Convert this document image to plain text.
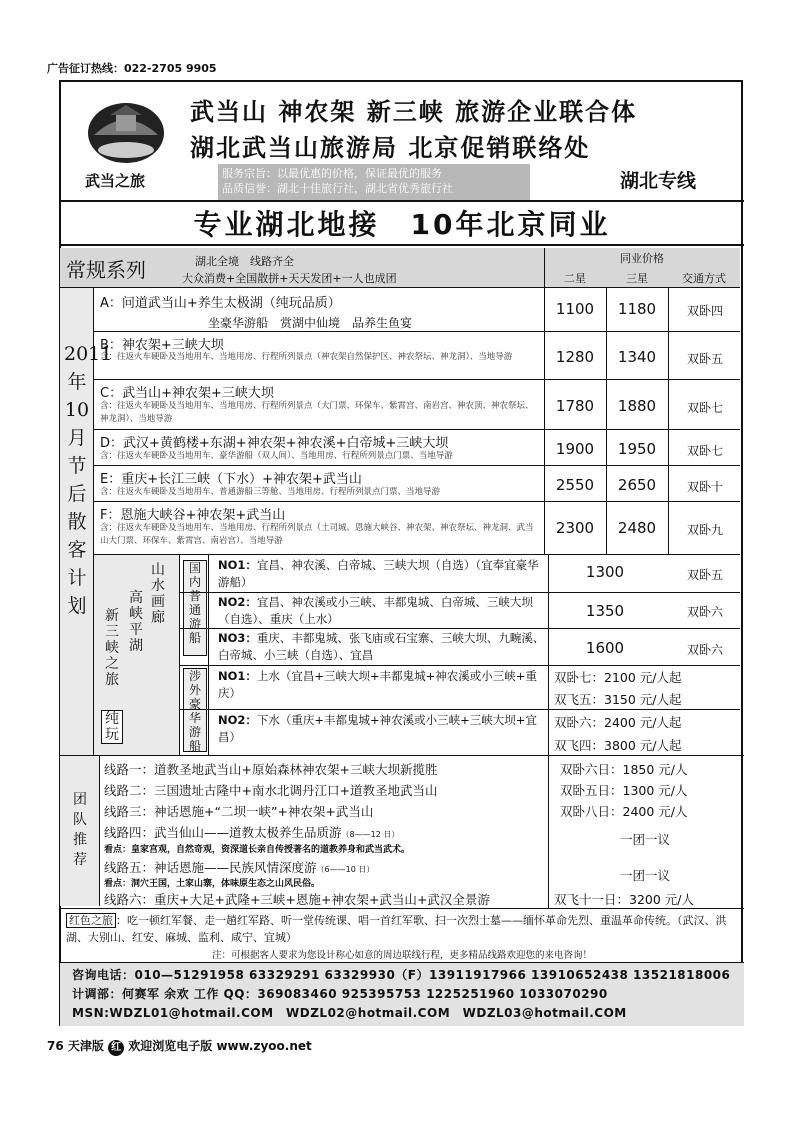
广告征订热线：022-2705 9905
武当之旅
武当山 神农架 新三峡 旅游企业联合体
湖北武当山旅游局 北京促销联络处
服务宗旨：以最优惠的价格，保证最优的服务
品质信誉：湖北十佳旅行社，湖北省优秀旅行社	湖北专线
专业湖北地接　10年北京同业
常规系列	湖北全境　线路齐全
大众消费+全国散拼+天天发团+一人也成团
同业价格
二星	三星	交通方式
2011年10月节后散客计划
A：问道武当山+养生太极湖（纯玩品质）
坐豪华游船　赏湖中仙境　品养生鱼宴
1100	1180	双卧四
B：神农架+三峡大坝
含：往返火车硬卧及当地用车、当地用房、行程所列景点（神农架自然保护区、神农祭坛、神龙洞）、当地导游	1280	1340	双卧五
C：武当山+神农架+三峡大坝
含：往返火车硬卧及当地用车、当地用房、行程所列景点（大门票、环保车、紫霄宫、南岩宫、神农顶、神农祭坛、神龙洞）、当地导游
1780	1880	双卧七
D：武汉+黄鹤楼+东湖+神农架+神农溪+白帝城+三峡大坝
含：往返火车硬卧及当地用车、豪华游船（双人间）、当地用房、行程所列景点门票、当地导游	1900	1950	双卧七
E：重庆+长江三峡（下水）+神农架+武当山
含：往返火车硬卧及当地用车、普通游船三等舱、当地用房、行程所列景点门票、当地导游	2550	2650	双卧十
F：恩施大峡谷+神农架+武当山
含：往返火车硬卧及当地用车、当地用房、行程所列景点（土司城、恩施大峡谷、神农架、神农祭坛、神龙洞、武当山大门票、环保车、紫霄宫、南岩宫）、当地导游
2300	2480	双卧九
山水画廊
高峡平湖
新三峡之旅
纯玩
国内普通游船
涉外豪华游船
NO1：宜昌、神农溪、白帝城、三峡大坝（自选）（宜奉宜豪华游船）
1300	双卧五
NO2：宜昌、神农溪或小三峡、丰都鬼城、白帝城、三峡大坝（自选）、重庆（上水）	1350	双卧六
NO3：重庆、丰都鬼城、张飞庙或石宝寨、三峡大坝、九畹溪、白帝城、小三峡（自选）、宜昌	1600	双卧六
NO1：上水（宜昌+三峡大坝+丰都鬼城+神农溪或小三峡+重庆）
双卧七：2100 元/人起
双飞五：3150 元/人起
NO2：下水（重庆+丰都鬼城+神农溪或小三峡+三峡大坝+宜昌）
双卧六：2400 元/人起
双飞四：3800 元/人起
团队推荐
线路一：道教圣地武当山+原始森林神农架+三峡大坝新揽胜	双卧六日：1850 元/人
线路二：三国遗址古隆中+南水北调丹江口+道教圣地武当山	双卧五日：1300 元/人
线路三：神话恩施+“二坝一峡”+神农架+武当山	双卧八日：2400 元/人
线路四：武当仙山——道教太极养生品质游（8——12 日）
看点：皇家宫观，自然奇观，资深道长亲自传授著名的道教养身和武当武术。
一团一议
线路五：神话恩施——民族风情深度游（6——10 日）
看点：洞穴王国，土家山寨，体味原生态之山风民俗。
一团一议
线路六：重庆+大足+武隆+三峡+恩施+神农架+武当山+武汉全景游	双飞十一日：3200 元/人
红色之旅 ：吃一顿红军餐、走一趟红军路、听一堂传统课、唱一首红军歌、扫一次烈士墓——缅怀革命先烈、重温革命传统。（武汉、洪湖、大别山、红安、麻城、监利、咸宁、宜城）
注：可根据客人要求为您设计称心如意的周边联线行程，更多精品线路欢迎您的来电咨询！
咨询电话：010—51291958 63329291 63329930（F）13911917966 13910652438 13521818006
计调部：何赛军 余欢 工作 QQ：369083460 925395753 1225251960 1033070290
MSN:WDZL01@hotmail.COM　WDZL02@hotmail.COM　WDZL03@hotmail.COM
76 天津版 红 欢迎浏览电子版 www.zyoo.net
